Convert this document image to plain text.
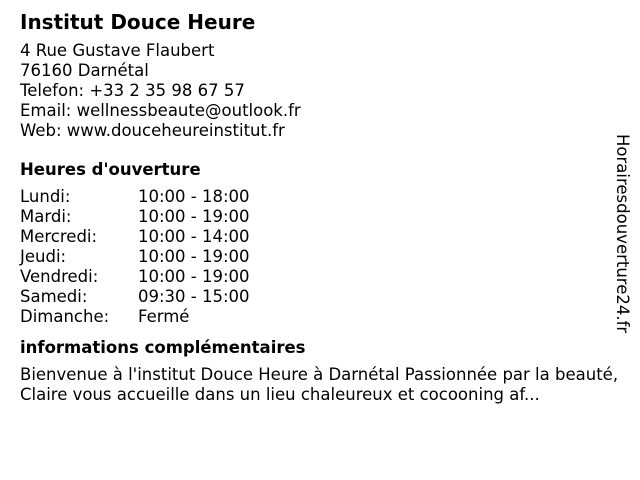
Institut Douce Heure
4 Rue Gustave Flaubert
76160 Darnétal
Telefon: +33 2 35 98 67 57
Email: wellnessbeaute@outlook.fr
Web: www.douceheureinstitut.fr
Heures d'ouverture
Lundi:	10:00 - 18:00
Mardi:	10:00 - 19:00
Mercredi:	10:00 - 14:00
Jeudi:	10:00 - 19:00
Vendredi:	10:00 - 19:00
Samedi:	09:30 - 15:00
Dimanche:	Fermé
informations complémentaires
Bienvenue à l'institut Douce Heure à Darnétal Passionnée par la beauté, Claire vous accueille dans un lieu chaleureux et cocooning af...
Horairesdouverture24.fr
